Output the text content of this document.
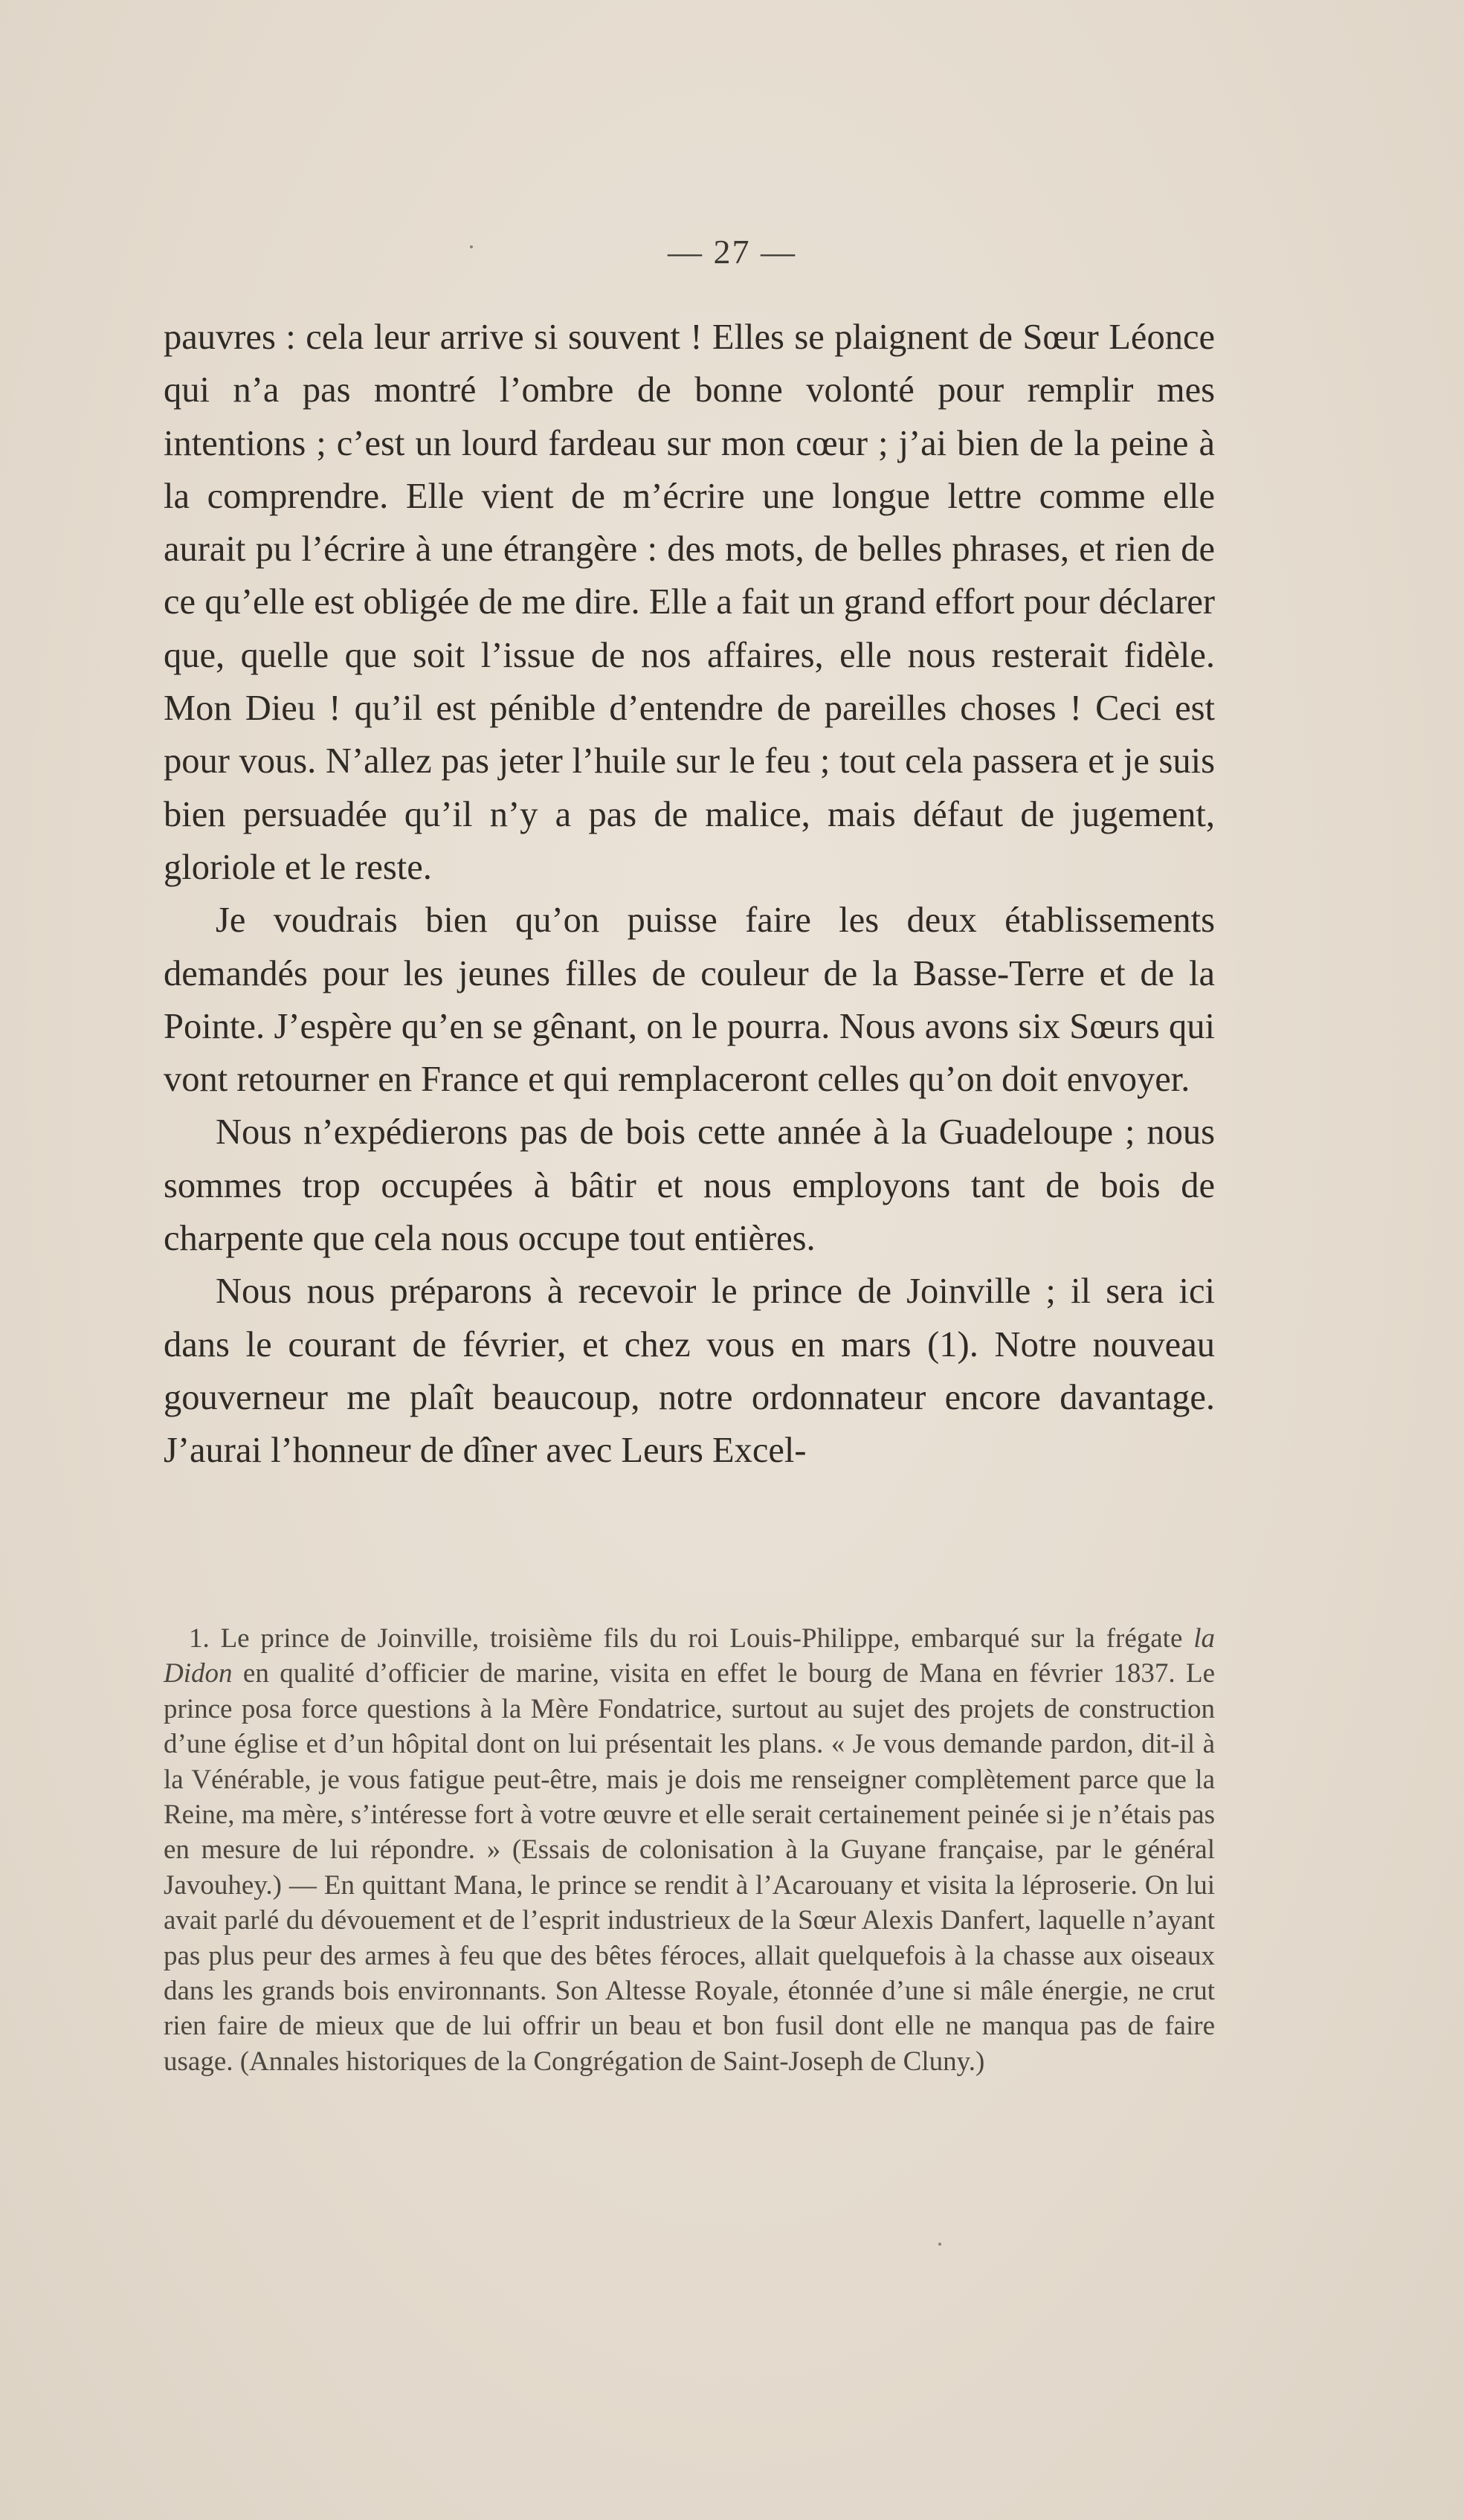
— 27 —

pauvres : cela leur arrive si souvent ! Elles se plaignent de Sœur Léonce qui n’a pas montré l’ombre de bonne volonté pour remplir mes intentions ; c’est un lourd fardeau sur mon cœur ; j’ai bien de la peine à la comprendre. Elle vient de m’écrire une longue lettre comme elle aurait pu l’écrire à une étrangère : des mots, de belles phrases, et rien de ce qu’elle est obligée de me dire. Elle a fait un grand effort pour déclarer que, quelle que soit l’issue de nos affaires, elle nous resterait fidèle. Mon Dieu ! qu’il est pénible d’entendre de pareilles choses ! Ceci est pour vous. N’allez pas jeter l’huile sur le feu ; tout cela passera et je suis bien persuadée qu’il n’y a pas de malice, mais défaut de jugement, gloriole et le reste.

Je voudrais bien qu’on puisse faire les deux établissements demandés pour les jeunes filles de couleur de la Basse-Terre et de la Pointe. J’espère qu’en se gênant, on le pourra. Nous avons six Sœurs qui vont retourner en France et qui remplaceront celles qu’on doit envoyer.

Nous n’expédierons pas de bois cette année à la Guadeloupe ; nous sommes trop occupées à bâtir et nous employons tant de bois de charpente que cela nous occupe tout entières.

Nous nous préparons à recevoir le prince de Joinville ; il sera ici dans le courant de février, et chez vous en mars (1). Notre nouveau gouverneur me plaît beaucoup, notre ordonnateur encore davantage. J’aurai l’honneur de dîner avec Leurs Excel-

1. Le prince de Joinville, troisième fils du roi Louis-Philippe, embarqué sur la frégate la Didon en qualité d’officier de marine, visita en effet le bourg de Mana en février 1837. Le prince posa force questions à la Mère Fondatrice, surtout au sujet des projets de construction d’une église et d’un hôpital dont on lui présentait les plans. « Je vous demande pardon, dit-il à la Vénérable, je vous fatigue peut-être, mais je dois me renseigner complètement parce que la Reine, ma mère, s’intéresse fort à votre œuvre et elle serait certainement peinée si je n’étais pas en mesure de lui répondre. » (Essais de colonisation à la Guyane française, par le général Javouhey.) — En quittant Mana, le prince se rendit à l’Acarouany et visita la léproserie. On lui avait parlé du dévouement et de l’esprit industrieux de la Sœur Alexis Danfert, laquelle n’ayant pas plus peur des armes à feu que des bêtes féroces, allait quelquefois à la chasse aux oiseaux dans les grands bois environnants. Son Altesse Royale, étonnée d’une si mâle énergie, ne crut rien faire de mieux que de lui offrir un beau et bon fusil dont elle ne manqua pas de faire usage. (Annales historiques de la Congrégation de Saint-Joseph de Cluny.)
